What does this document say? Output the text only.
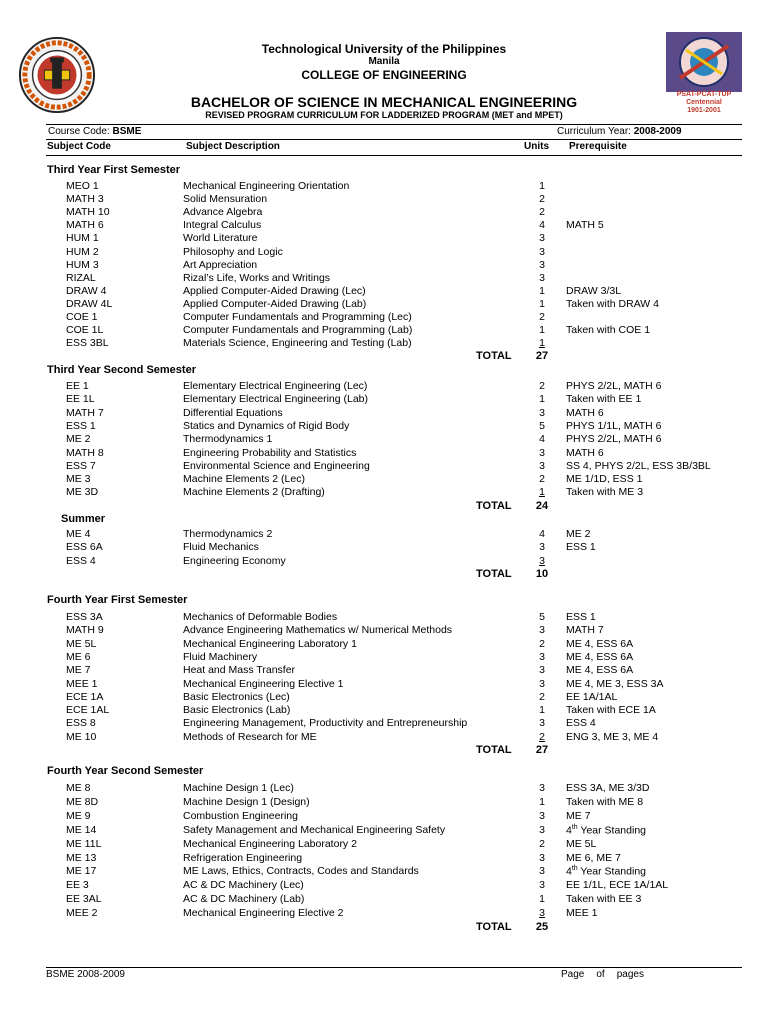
Technological University of the Philippines
Manila
COLLEGE OF ENGINEERING
BACHELOR OF SCIENCE IN MECHANICAL ENGINEERING
REVISED PROGRAM CURRICULUM FOR LADDERIZED PROGRAM (MET and MPET)
PSAT-PCAT-TUP
Centennial
1901-2001
Course Code: BSME	Curriculum Year: 2008-2009
Subject Code	Subject Description	Units Prerequisite
Third Year First Semester
MEO 1	Mechanical Engineering Orientation	1
MATH 3	Solid Mensuration	2
MATH 10	Advance Algebra	2
MATH 6	Integral Calculus	4	MATH 5
HUM 1	World Literature	3
HUM 2	Philosophy and Logic	3
HUM 3	Art Appreciation	3
RIZAL	Rizal’s Life, Works and Writings	3
DRAW 4	Applied Computer-Aided Drawing (Lec)	1	DRAW 3/3L
DRAW 4L	Applied Computer-Aided Drawing (Lab)	1	Taken with DRAW 4
COE 1	Computer Fundamentals and Programming (Lec)	2
COE 1L	Computer Fundamentals and Programming (Lab)	1	Taken with COE 1
ESS 3BL	Materials Science, Engineering and Testing (Lab)	1
TOTAL	27
Third Year Second Semester
EE 1	Elementary Electrical Engineering (Lec)	2	PHYS 2/2L, MATH 6
EE 1L	Elementary Electrical Engineering (Lab)	1	Taken with EE 1
MATH 7	Differential Equations	3	MATH 6
ESS 1	Statics and Dynamics of Rigid Body	5	PHYS 1/1L, MATH 6
ME 2	Thermodynamics 1	4	PHYS 2/2L, MATH 6
MATH 8	Engineering Probability and Statistics	3	MATH 6
ESS 7	Environmental Science and Engineering	3	SS 4, PHYS 2/2L, ESS 3B/3BL
ME 3	Machine Elements 2 (Lec)	2	ME 1/1D, ESS 1
ME 3D	Machine Elements 2 (Drafting)	1	Taken with ME 3
TOTAL	24
Summer
ME 4	Thermodynamics 2	4	ME 2
ESS 6A	Fluid Mechanics	3	ESS 1
ESS 4	Engineering Economy	3
TOTAL	10
Fourth Year First Semester
ESS 3A	Mechanics of Deformable Bodies	5	ESS 1
MATH 9	Advance Engineering Mathematics w/ Numerical Methods	3	MATH 7
ME 5L	Mechanical Engineering Laboratory 1	2	ME 4, ESS 6A
ME 6	Fluid Machinery	3	ME 4, ESS 6A
ME 7	Heat and Mass Transfer	3	ME 4, ESS 6A
MEE 1	Mechanical Engineering Elective 1	3	ME 4, ME 3, ESS 3A
ECE 1A	Basic Electronics (Lec)	2	EE 1A/1AL
ECE 1AL	Basic Electronics (Lab)	1	Taken with ECE 1A
ESS 8	Engineering Management, Productivity and Entrepreneurship	3	ESS 4
ME 10	Methods of Research for ME	2	ENG 3, ME 3, ME 4
TOTAL	27
Fourth Year Second Semester
ME 8	Machine Design 1 (Lec)	3	ESS 3A, ME 3/3D
ME 8D	Machine Design 1 (Design)	1	Taken with ME 8
ME 9	Combustion Engineering	3	ME 7
ME 14	Safety Management and Mechanical Engineering Safety	3	4th Year Standing
ME 11L	Mechanical Engineering Laboratory 2	2	ME 5L
ME 13	Refrigeration Engineering	3	ME 6, ME 7
ME 17	ME Laws, Ethics, Contracts, Codes and Standards	3	4th Year Standing
EE 3	AC & DC Machinery (Lec)	3	EE 1/1L, ECE 1A/1AL
EE 3AL	AC & DC Machinery (Lab)	1	Taken with EE 3
MEE 2	Mechanical Engineering Elective 2	3	MEE 1
TOTAL	25
BSME 2008-2009	Page of pages
